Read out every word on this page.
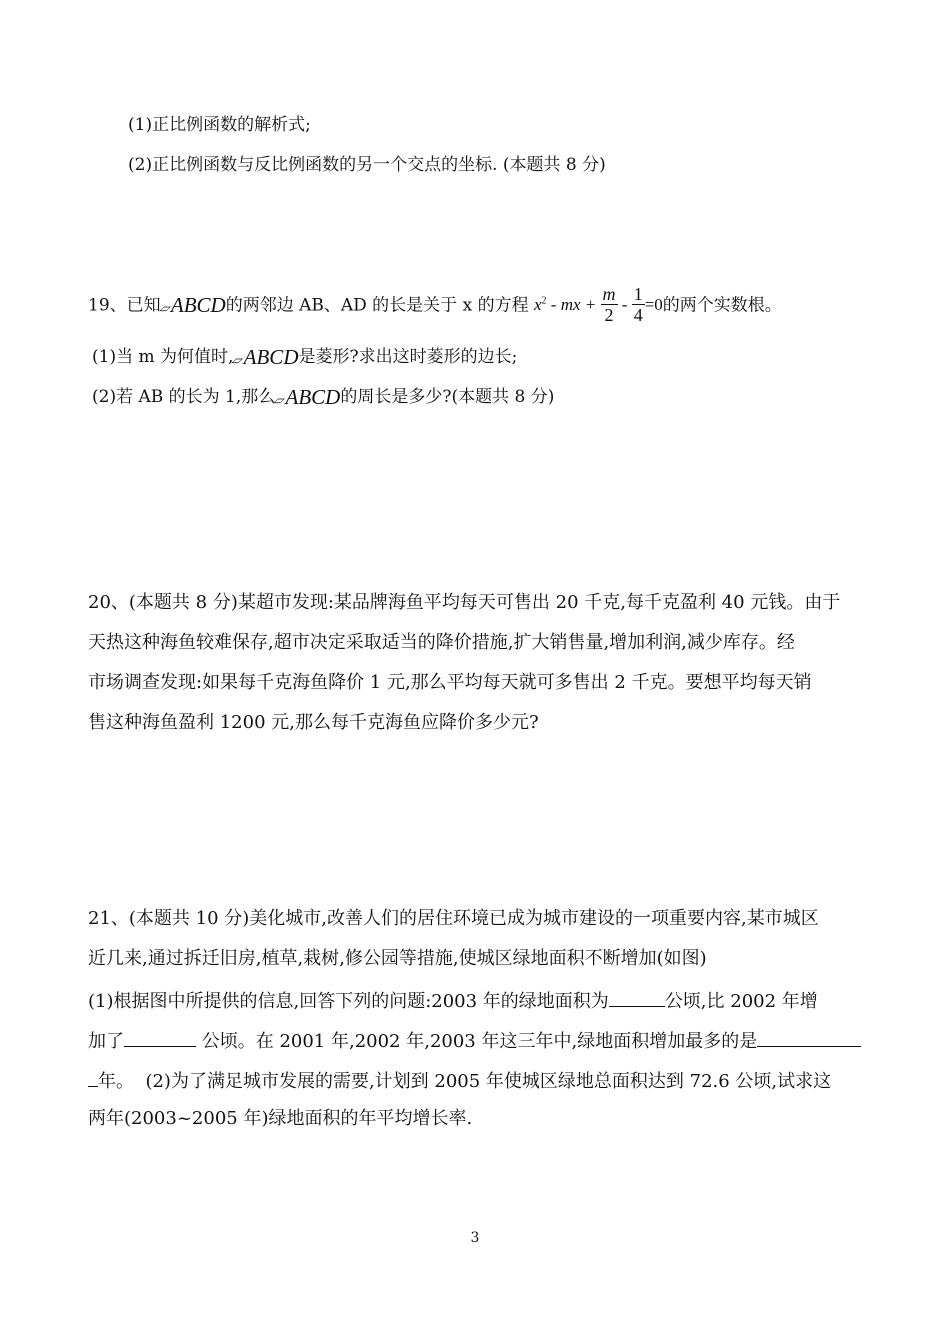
(1)正比例函数的解析式;
(2)正比例函数与反比例函数的另一个交点的坐标. (本题共 8 分)
19、已知▱ABCD的两邻边 AB、AD 的长是关于 x 的方程 $x^2$ - mx + $\frac{m}{2} - \frac{1}{4} =0$的两个实数根。
(1)当 m 为何值时,▱ABCD是菱形?求出这时菱形的边长;
(2)若 AB 的长为 1,那么▱ABCD的周长是多少?(本题共 8 分)
20、(本题共 8 分)某超市发现:某品牌海鱼平均每天可售出 20 千克,每千克盈利 40 元钱。由于
天热这种海鱼较难保存,超市决定采取适当的降价措施,扩大销售量,增加利润,减少库存。经
市场调查发现:如果每千克海鱼降价 1 元,那么平均每天就可多售出 2 千克。要想平均每天销
售这种海鱼盈利 1200 元,那么每千克海鱼应降价多少元?
21、(本题共 10 分)美化城市,改善人们的居住环境已成为城市建设的一项重要内容,某市城区
近几来,通过拆迁旧房,植草,栽树,修公园等措施,使城区绿地面积不断增加(如图)
(1)根据图中所提供的信息,回答下列的问题:2003 年的绿地面积为	公顷,比 2002 年增
加了	公顷。在 2001 年,2002 年,2003 年这三年中,绿地面积增加最多的是
年。  (2)为了满足城市发展的需要,计划到 2005 年使城区绿地总面积达到 72.6 公顷,试求这
两年(2003~2005 年)绿地面积的年平均增长率.
3
